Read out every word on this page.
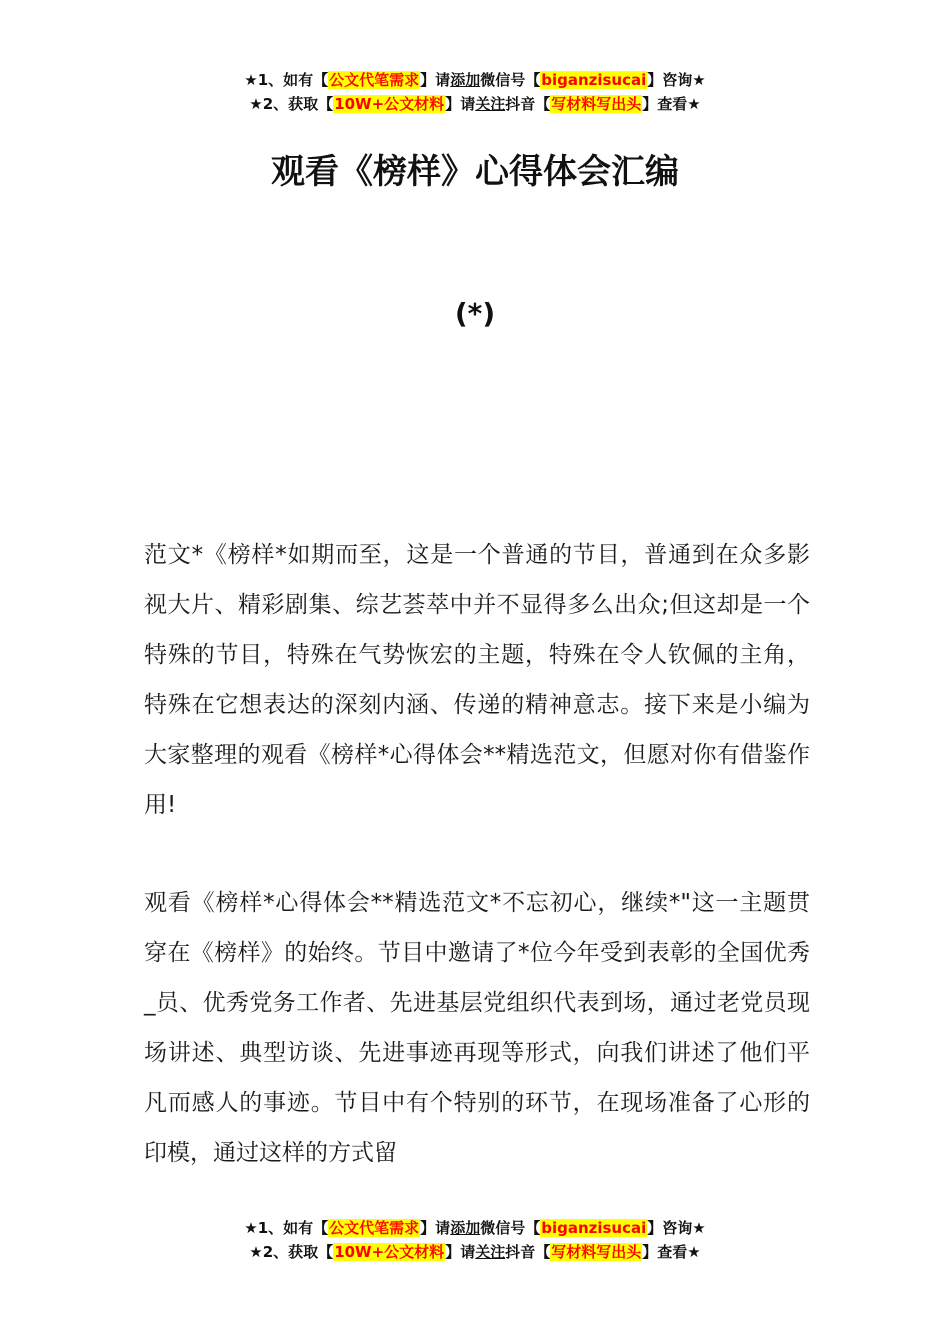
★1、如有【公文代笔需求】请添加微信号【biganzisucai】咨询★
★2、获取【10W+公文材料】请关注抖音【写材料写出头】查看★
观看《榜样》心得体会汇编
(*)

范文*《榜样*如期而至，这是一个普通的节目，普通到在众多影视大片、精彩剧集、综艺荟萃中并不显得多么出众;但这却是一个特殊的节目，特殊在气势恢宏的主题，特殊在令人钦佩的主角，特殊在它想表达的深刻内涵、传递的精神意志。接下来是小编为大家整理的观看《榜样*心得体会**精选范文，但愿对你有借鉴作用!

观看《榜样*心得体会**精选范文*不忘初心，继续*"这一主题贯穿在《榜样》的始终。节目中邀请了*位今年受到表彰的全国优秀_员、优秀党务工作者、先进基层党组织代表到场，通过老党员现场讲述、典型访谈、先进事迹再现等形式，向我们讲述了他们平凡而感人的事迹。节目中有个特别的环节，在现场准备了心形的印模，通过这样的方式留

★1、如有【公文代笔需求】请添加微信号【biganzisucai】咨询★
★2、获取【10W+公文材料】请关注抖音【写材料写出头】查看★
